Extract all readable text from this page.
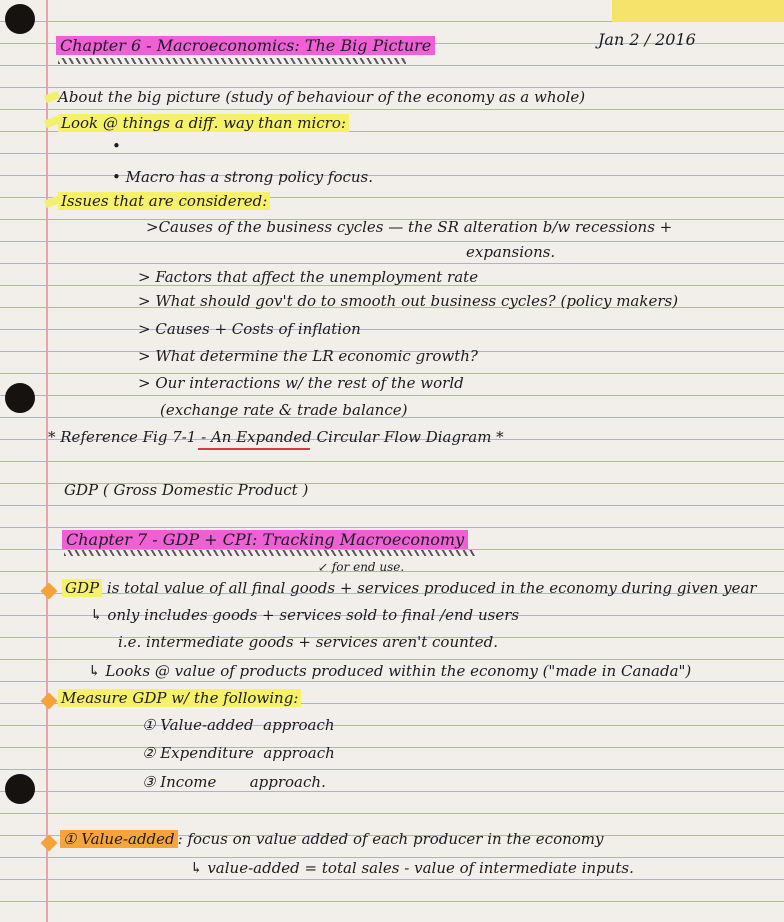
Jan 2 / 2016
Chapter 6 - Macroeconomics: The Big Picture
About the big picture (study of behaviour of the economy as a whole)
Look @ things a diff. way than micro:
•
• Macro has a strong policy focus.
Issues that are considered:
>Causes of the business cycles — the SR alteration b/w recessions +
expansions.
> Factors that affect the unemployment rate
> What should gov't do to smooth out business cycles? (policy makers)
> Causes + Costs of inflation
> What determine the LR economic growth?
> Our interactions w/ the rest of the world
(exchange rate & trade balance)
* Reference Fig 7-1 - An Expanded Circular Flow Diagram *
GDP ( Gross Domestic Product )
Chapter 7 - GDP + CPI: Tracking Macroeconomy
↙ for end use.
GDP is total value of all final goods + services produced in the economy during given year
↳ only includes goods + services sold to final /end users
i.e. intermediate goods + services aren't counted.
↳ Looks @ value of products produced within the economy ("made in Canada")
Measure GDP w/ the following:
① Value-added  approach
② Expenditure  approach
③ Income       approach.
① Value-added : focus on value added of each producer in the economy
↳ value-added = total sales - value of intermediate inputs.
